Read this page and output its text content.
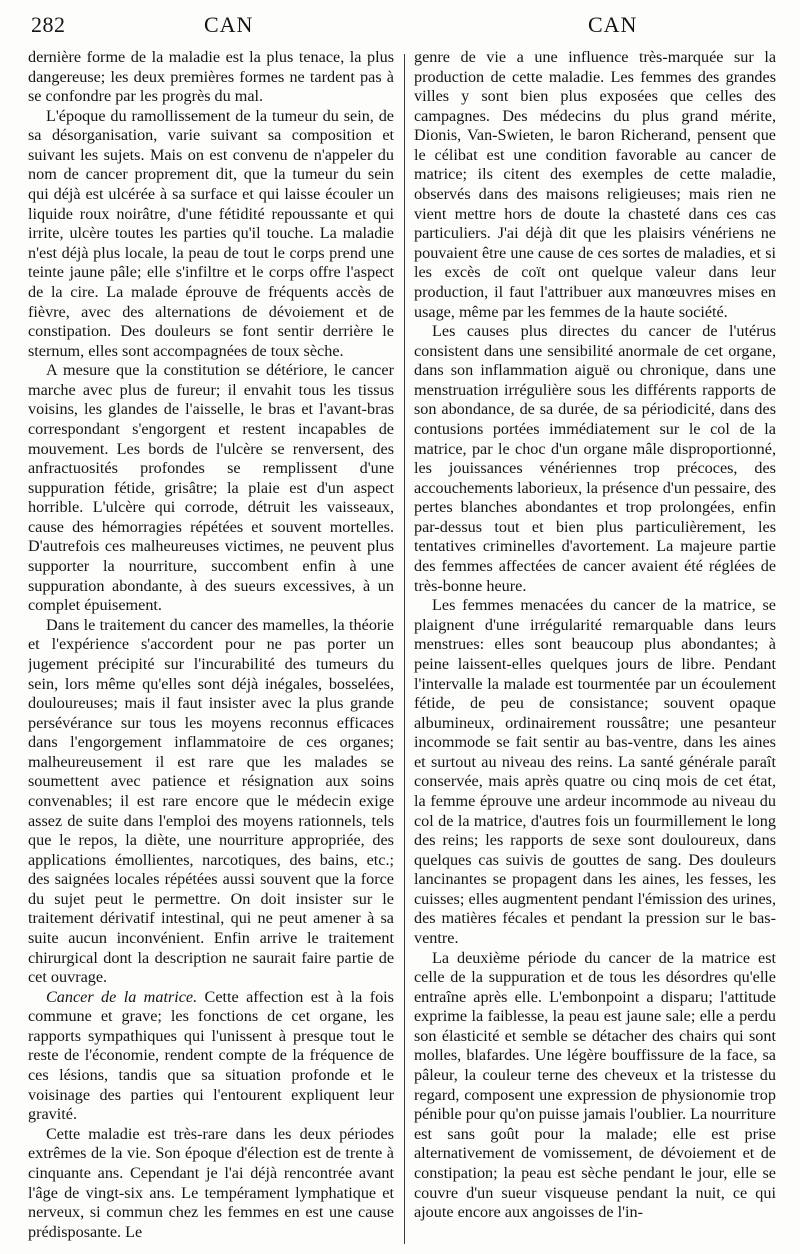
282	CAN	CAN

dernière forme de la maladie est la plus tenace, la plus dangereuse; les deux premières formes ne tardent pas à se confondre par les progrès du mal.

L'époque du ramollissement de la tumeur du sein, de sa désorganisation, varie suivant sa composition et suivant les sujets. Mais on est convenu de n'appeler du nom de cancer proprement dit, que la tumeur du sein qui déjà est ulcérée à sa surface et qui laisse écouler un liquide roux noirâtre, d'une fétidité repoussante et qui irrite, ulcère toutes les parties qu'il touche. La maladie n'est déjà plus locale, la peau de tout le corps prend une teinte jaune pâle; elle s'infiltre et le corps offre l'aspect de la cire. La malade éprouve de fréquents accès de fièvre, avec des alternations de dévoiement et de constipation. Des douleurs se font sentir derrière le sternum, elles sont accompagnées de toux sèche.

A mesure que la constitution se détériore, le cancer marche avec plus de fureur; il envahit tous les tissus voisins, les glandes de l'aisselle, le bras et l'avant-bras correspondant s'engorgent et restent incapables de mouvement. Les bords de l'ulcère se renversent, des anfractuosités profondes se remplissent d'une suppuration fétide, grisâtre; la plaie est d'un aspect horrible. L'ulcère qui corrode, détruit les vaisseaux, cause des hémorragies répétées et souvent mortelles. D'autrefois ces malheureuses victimes, ne peuvent plus supporter la nourriture, succombent enfin à une suppuration abondante, à des sueurs excessives, à un complet épuisement.

Dans le traitement du cancer des mamelles, la théorie et l'expérience s'accordent pour ne pas porter un jugement précipité sur l'incurabilité des tumeurs du sein, lors même qu'elles sont déjà inégales, bosselées, douloureuses; mais il faut insister avec la plus grande persévérance sur tous les moyens reconnus efficaces dans l'engorgement inflammatoire de ces organes; malheureusement il est rare que les malades se soumettent avec patience et résignation aux soins convenables; il est rare encore que le médecin exige assez de suite dans l'emploi des moyens rationnels, tels que le repos, la diète, une nourriture appropriée, des applications émollientes, narcotiques, des bains, etc.; des saignées locales répétées aussi souvent que la force du sujet peut le permettre. On doit insister sur le traitement dérivatif intestinal, qui ne peut amener à sa suite aucun inconvénient. Enfin arrive le traitement chirurgical dont la description ne saurait faire partie de cet ouvrage.

Cancer de la matrice. Cette affection est à la fois commune et grave; les fonctions de cet organe, les rapports sympathiques qui l'unissent à presque tout le reste de l'économie, rendent compte de la fréquence de ces lésions, tandis que sa situation profonde et le voisinage des parties qui l'entourent expliquent leur gravité.

Cette maladie est très-rare dans les deux périodes extrêmes de la vie. Son époque d'élection est de trente à cinquante ans. Cependant je l'ai déjà rencontrée avant l'âge de vingt-six ans. Le tempérament lymphatique et nerveux, si commun chez les femmes en est une cause prédisposante. Le

genre de vie a une influence très-marquée sur la production de cette maladie. Les femmes des grandes villes y sont bien plus exposées que celles des campagnes. Des médecins du plus grand mérite, Dionis, Van-Swieten, le baron Richerand, pensent que le célibat est une condition favorable au cancer de matrice; ils citent des exemples de cette maladie, observés dans des maisons religieuses; mais rien ne vient mettre hors de doute la chasteté dans ces cas particuliers. J'ai déjà dit que les plaisirs vénériens ne pouvaient être une cause de ces sortes de maladies, et si les excès de coït ont quelque valeur dans leur production, il faut l'attribuer aux manœuvres mises en usage, même par les femmes de la haute société.

Les causes plus directes du cancer de l'utérus consistent dans une sensibilité anormale de cet organe, dans son inflammation aiguë ou chronique, dans une menstruation irrégulière sous les différents rapports de son abondance, de sa durée, de sa périodicité, dans des contusions portées immédiatement sur le col de la matrice, par le choc d'un organe mâle disproportionné, les jouissances vénériennes trop précoces, des accouchements laborieux, la présence d'un pessaire, des pertes blanches abondantes et trop prolongées, enfin par-dessus tout et bien plus particulièrement, les tentatives criminelles d'avortement. La majeure partie des femmes affectées de cancer avaient été réglées de très-bonne heure.

Les femmes menacées du cancer de la matrice, se plaignent d'une irrégularité remarquable dans leurs menstrues: elles sont beaucoup plus abondantes; à peine laissent-elles quelques jours de libre. Pendant l'intervalle la malade est tourmentée par un écoulement fétide, de peu de consistance; souvent opaque albumineux, ordinairement roussâtre; une pesanteur incommode se fait sentir au bas-ventre, dans les aines et surtout au niveau des reins. La santé générale paraît conservée, mais après quatre ou cinq mois de cet état, la femme éprouve une ardeur incommode au niveau du col de la matrice, d'autres fois un fourmillement le long des reins; les rapports de sexe sont douloureux, dans quelques cas suivis de gouttes de sang. Des douleurs lancinantes se propagent dans les aines, les fesses, les cuisses; elles augmentent pendant l'émission des urines, des matières fécales et pendant la pression sur le bas-ventre.

La deuxième période du cancer de la matrice est celle de la suppuration et de tous les désordres qu'elle entraîne après elle. L'embonpoint a disparu; l'attitude exprime la faiblesse, la peau est jaune sale; elle a perdu son élasticité et semble se détacher des chairs qui sont molles, blafardes. Une légère bouffissure de la face, sa pâleur, la couleur terne des cheveux et la tristesse du regard, composent une expression de physionomie trop pénible pour qu'on puisse jamais l'oublier. La nourriture est sans goût pour la malade; elle est prise alternativement de vomissement, de dévoiement et de constipation; la peau est sèche pendant le jour, elle se couvre d'un sueur visqueuse pendant la nuit, ce qui ajoute encore aux angoisses de l'in-
